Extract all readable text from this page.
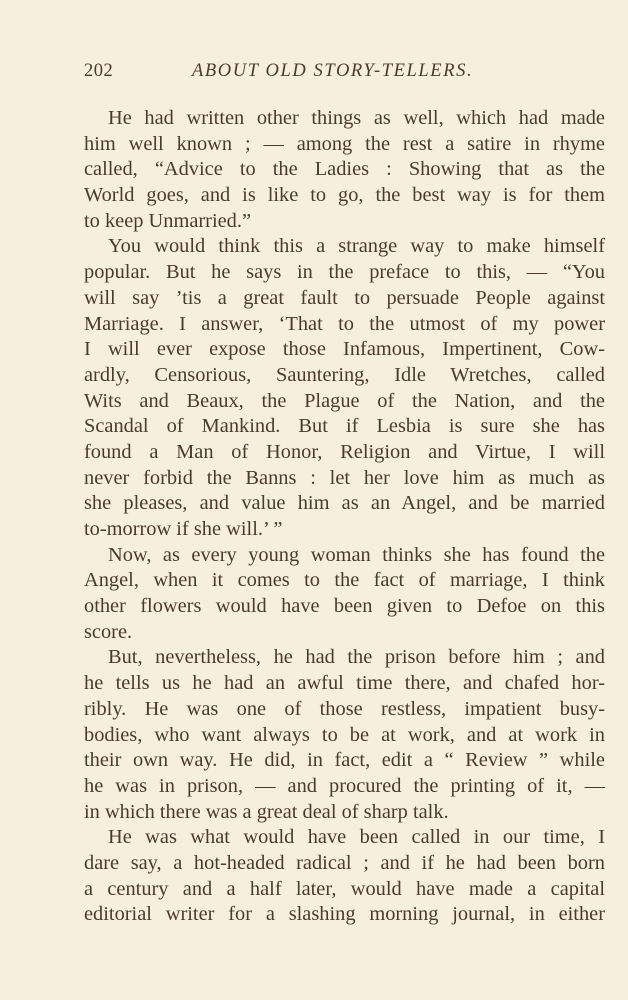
202	ABOUT OLD STORY-TELLERS.
He had written other things as well, which had made
him well known ; — among the rest a satire in rhyme
called, “Advice to the Ladies : Showing that as the
World goes, and is like to go, the best way is for them
to keep Unmarried.”
You would think this a strange way to make himself
popular. But he says in the preface to this, — “You
will say ’tis a great fault to persuade People against
Marriage. I answer, ‘That to the utmost of my power
I will ever expose those Infamous, Impertinent, Cow-
ardly, Censorious, Sauntering, Idle Wretches, called
Wits and Beaux, the Plague of the Nation, and the
Scandal of Mankind. But if Lesbia is sure she has
found a Man of Honor, Religion and Virtue, I will
never forbid the Banns : let her love him as much as
she pleases, and value him as an Angel, and be married
to-morrow if she will.’ ”
Now, as every young woman thinks she has found the
Angel, when it comes to the fact of marriage, I think
other flowers would have been given to Defoe on this
score.
But, nevertheless, he had the prison before him ; and
he tells us he had an awful time there, and chafed hor-
ribly. He was one of those restless, impatient busy-
bodies, who want always to be at work, and at work in
their own way. He did, in fact, edit a “ Review ” while
he was in prison, — and procured the printing of it, —
in which there was a great deal of sharp talk.
He was what would have been called in our time, I
dare say, a hot-headed radical ; and if he had been born
a century and a half later, would have made a capital
editorial writer for a slashing morning journal, in either
